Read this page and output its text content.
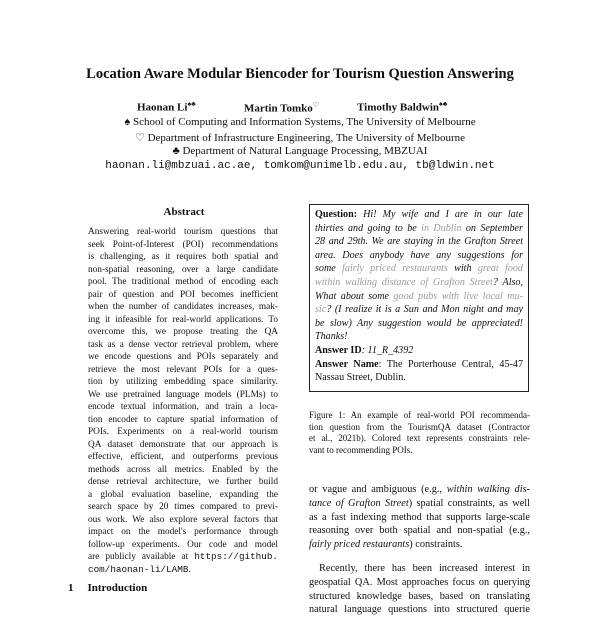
Location Aware Modular Biencoder for Tourism Question Answering
Haonan Li♠♣	Martin Tomko♡	Timothy Baldwin♠♣
♠ School of Computing and Information Systems, The University of Melbourne
♡ Department of Infrastructure Engineering, The University of Melbourne
♣ Department of Natural Language Processing, MBZUAI
haonan.li@mbzuai.ac.ae, tomkom@unimelb.edu.au, tb@ldwin.net
Abstract
Answering real-world tourism questions that
seek Point-of-Interest (POI) recommendations
is challenging, as it requires both spatial and
non-spatial reasoning, over a large candidate
pool. The traditional method of encoding each
pair of question and POI becomes inefficient
when the number of candidates increases, mak-
ing it infeasible for real-world applications. To
overcome this, we propose treating the QA
task as a dense vector retrieval problem, where
we encode questions and POIs separately and
retrieve the most relevant POIs for a ques-
tion by utilizing embedding space similarity.
We use pretrained language models (PLMs) to
encode textual information, and train a loca-
tion encoder to capture spatial information of
POIs. Experiments on a real-world tourism
QA dataset demonstrate that our approach is
effective, efficient, and outperforms previous
methods across all metrics. Enabled by the
dense retrieval architecture, we further build
a global evaluation baseline, expanding the
search space by 20 times compared to previ-
ous work. We also explore several factors that
impact on the model's performance through
follow-up experiments. Our code and model
are publicly available at https://github.
com/haonan-li/LAMB.
1 Introduction
Question: Hi! My wife and I are in our late
thirties and going to be in Dublin on September
28 and 29th. We are staying in the Grafton Street
area. Does anybody have any suggestions for
some fairly priced restaurants with great food
within walking distance of Grafton Street? Also,
What about some good pubs with live local mu-
sic? (I realize it is a Sun and Mon night and may
be slow) Any suggestion would be appreciated!
Thanks!
Answer ID: 11_R_4392
Answer Name: The Porterhouse Central, 45-47
Nassau Street, Dublin.
Figure 1: An example of real-world POI recommenda-
tion question from the TourismQA dataset (Contractor
et al., 2021b). Colored text represents constraints rele-
vant to recommending POIs.
or vague and ambiguous (e.g., within walking dis-
tance of Grafton Street) spatial constraints, as well
as a fast indexing method that supports large-scale
reasoning over both spatial and non-spatial (e.g.,
fairly priced restaurants) constraints.
Recently, there has been increased interest in
geospatial QA. Most approaches focus on querying
structured knowledge bases, based on translating
natural language questions into structured querie
